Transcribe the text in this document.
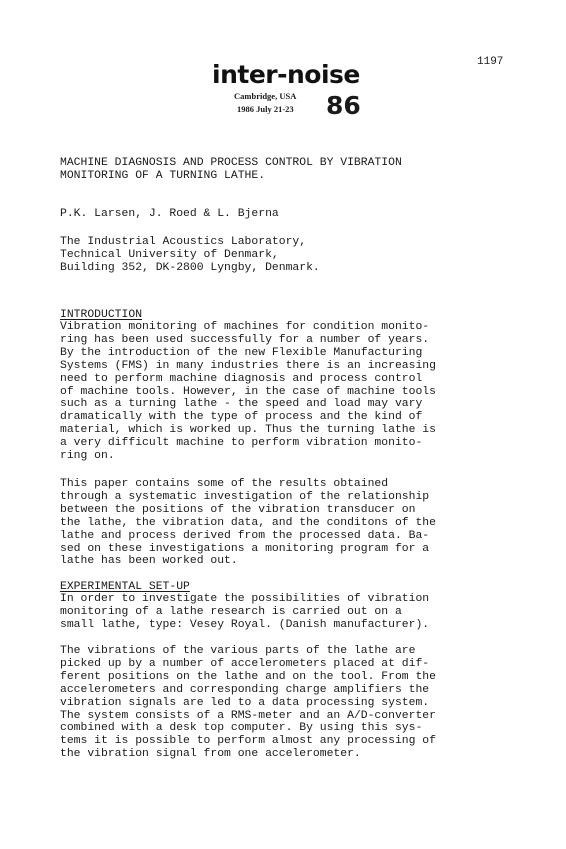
1197
inter-noise
Cambridge, USA
1986 July 21-23 86
MACHINE DIAGNOSIS AND PROCESS CONTROL BY VIBRATION
MONITORING OF A TURNING LATHE.
P.K. Larsen, J. Roed & L. Bjerna
The Industrial Acoustics Laboratory,
Technical University of Denmark,
Building 352, DK-2800 Lyngby, Denmark.
INTRODUCTION
Vibration monitoring of machines for condition monito-
ring has been used successfully for a number of years.
By the introduction of the new Flexible Manufacturing
Systems (FMS) in many industries there is an increasing
need to perform machine diagnosis and process control
of machine tools. However, in the case of machine tools
such as a turning lathe - the speed and load may vary
dramatically with the type of process and the kind of
material, which is worked up. Thus the turning lathe is
a very difficult machine to perform vibration monito-
ring on.
This paper contains some of the results obtained
through a systematic investigation of the relationship
between the positions of the vibration transducer on
the lathe, the vibration data, and the conditons of the
lathe and process derived from the processed data. Ba-
sed on these investigations a monitoring program for a
lathe has been worked out.
EXPERIMENTAL SET-UP
In order to investigate the possibilities of vibration
monitoring of a lathe research is carried out on a
small lathe, type: Vesey Royal. (Danish manufacturer).
The vibrations of the various parts of the lathe are
picked up by a number of accelerometers placed at dif-
ferent positions on the lathe and on the tool. From the
accelerometers and corresponding charge amplifiers the
vibration signals are led to a data processing system.
The system consists of a RMS-meter and an A/D-converter
combined with a desk top computer. By using this sys-
tems it is possible to perform almost any processing of
the vibration signal from one accelerometer.
